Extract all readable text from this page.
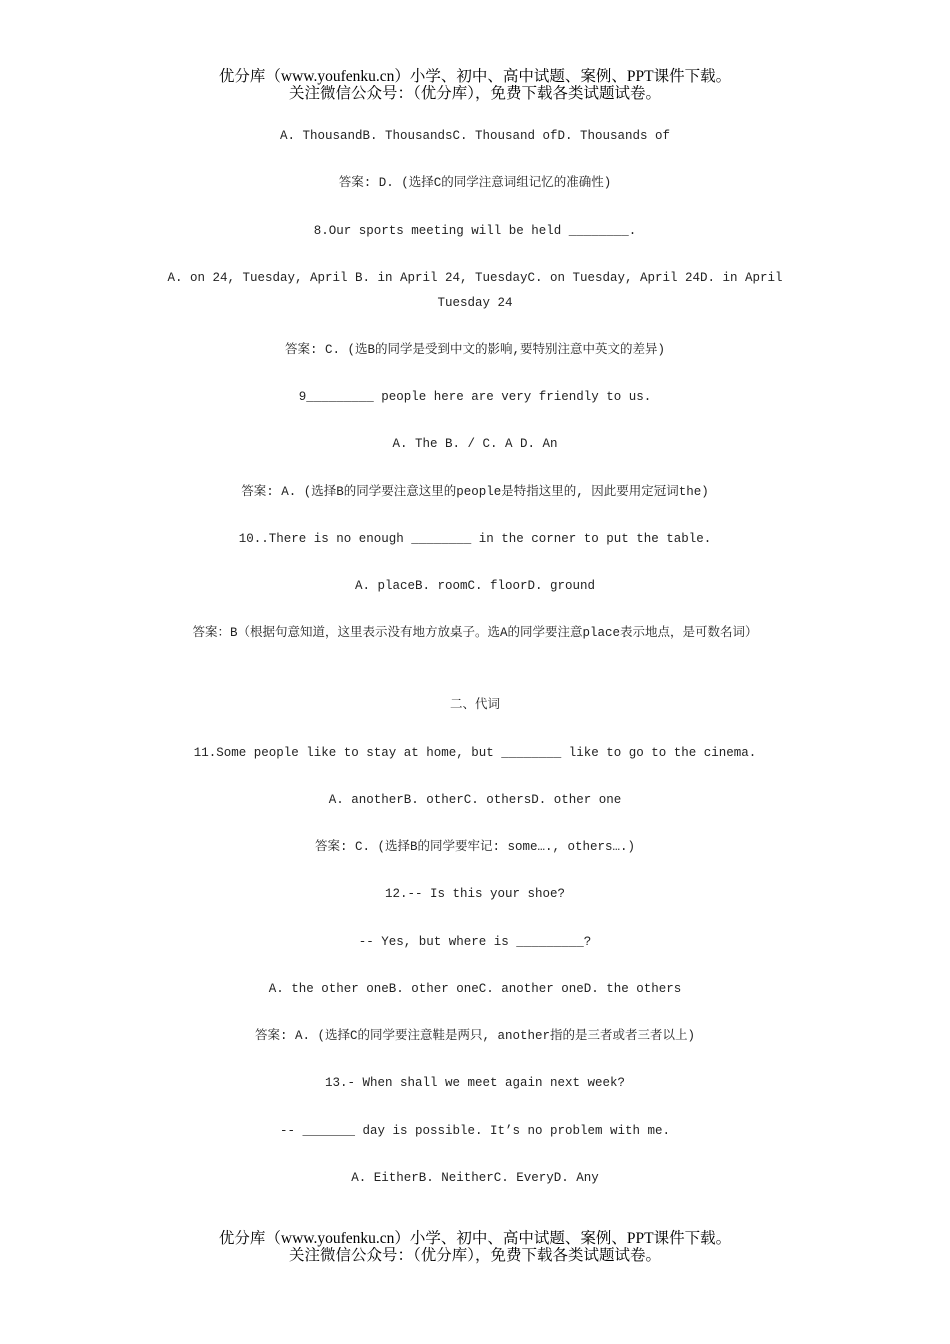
优分库（www.youfenku.cn）小学、初中、高中试题、案例、PPT课件下载。
关注微信公众号：（优分库），免费下载各类试题试卷。
A. ThousandB. ThousandsC. Thousand ofD. Thousands of
答案: D. (选择C的同学注意词组记忆的准确性)
8.Our sports meeting will be held ________.
A. on 24, Tuesday, April B. in April 24, TuesdayC. on Tuesday, April 24D. in April Tuesday 24
答案: C. (选B的同学是受到中文的影响,要特别注意中英文的差异)
9_________ people here are very friendly to us.
A. The B. / C. A D. An
答案: A. (选择B的同学要注意这里的people是特指这里的, 因此要用定冠词the)
10..There is no enough ________ in the corner to put the table.
A. placeB. roomC. floorD. ground
答案：B（根据句意知道，这里表示没有地方放桌子。选A的同学要注意place表示地点，是可数名词）
二、代词
11.Some people like to stay at home, but ________ like to go to the cinema.
A. anotherB. otherC. othersD. other one
答案: C. (选择B的同学要牢记: some…., others….)
12.-- Is this your shoe?
-- Yes, but where is _________?
A. the other oneB. other oneC. another oneD. the others
答案: A. (选择C的同学要注意鞋是两只, another指的是三者或者三者以上)
13.- When shall we meet again next week?
-- _______ day is possible. It’s no problem with me.
A. EitherB. NeitherC. EveryD. Any
优分库（www.youfenku.cn）小学、初中、高中试题、案例、PPT课件下载。
关注微信公众号：（优分库），免费下载各类试题试卷。
